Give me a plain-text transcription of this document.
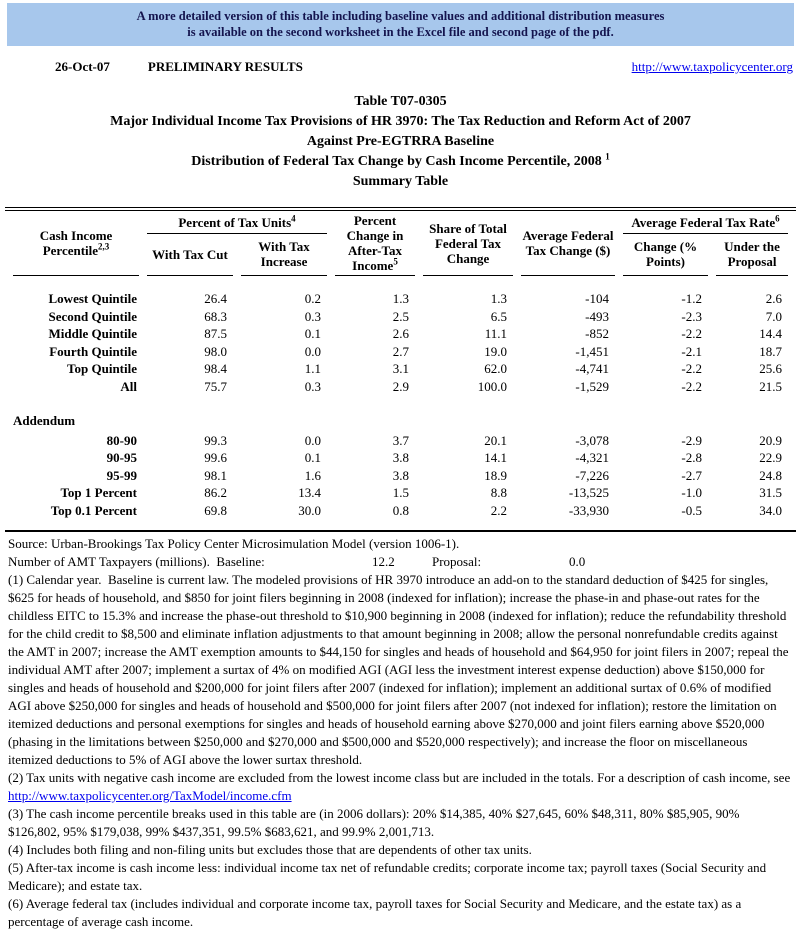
A more detailed version of this table including baseline values and additional distribution measures
is available on the second worksheet in the Excel file and second page of the pdf.
26-Oct-07	PRELIMINARY RESULTS	http://www.taxpolicycenter.org
Table T07-0305
Major Individual Income Tax Provisions of HR 3970: The Tax Reduction and Reform Act of 2007
Against Pre-EGTRRA Baseline
Distribution of Federal Tax Change by Cash Income Percentile, 2008 $^1$
Summary Table
Cash Income Percentile$^{2,3}$	Percent of Tax Units$^4$		Percent Change in After-Tax Income$^5$	Share of Total Federal Tax Change	Average Federal Tax Change ($)	Average Federal Tax Rate$^6$
	With Tax Cut	With Tax Increase				Change (% Points)	Under the Proposal
Lowest Quintile	26.4	0.2	1.3	1.3	-104	-1.2	2.6
Second Quintile	68.3	0.3	2.5	6.5	-493	-2.3	7.0
Middle Quintile	87.5	0.1	2.6	11.1	-852	-2.2	14.4
Fourth Quintile	98.0	0.0	2.7	19.0	-1,451	-2.1	18.7
Top Quintile	98.4	1.1	3.1	62.0	-4,741	-2.2	25.6
All	75.7	0.3	2.9	100.0	-1,529	-2.2	21.5
Addendum							
80-90	99.3	0.0	3.7	20.1	-3,078	-2.9	20.9
90-95	99.6	0.1	3.8	14.1	-4,321	-2.8	22.9
95-99	98.1	1.6	3.8	18.9	-7,226	-2.7	24.8
Top 1 Percent	86.2	13.4	1.5	8.8	-13,525	-1.0	31.5
Top 0.1 Percent	69.8	30.0	0.8	2.2	-33,930	-0.5	34.0
Source: Urban-Brookings Tax Policy Center Microsimulation Model (version 1006-1).
Number of AMT Taxpayers (millions).  Baseline:	12.2	Proposal:	0.0

(1) Calendar year.  Baseline is current law. The modeled provisions of HR 3970 introduce an add-on to the standard deduction of $425 for singles, $625 for heads of household, and $850 for joint filers beginning in 2008 (indexed for inflation); increase the phase-in and phase-out rates for the childless EITC to 15.3% and increase the phase-out threshold to $10,900 beginning in 2008 (indexed for inflation); reduce the refundability threshold for the child credit to $8,500 and eliminate inflation adjustments to that amount beginning in 2008; allow the personal nonrefundable credits against the AMT in 2007; increase the AMT exemption amounts to $44,150 for singles and heads of household and $64,950 for joint filers in 2007; repeal the individual AMT after 2007; implement a surtax of 4% on modified AGI (AGI less the investment interest expense deduction) above $150,000 for singles and heads of household and $200,000 for joint filers after 2007 (indexed for inflation); implement an additional surtax of 0.6% of modified AGI above $250,000 for singles and heads of household and $500,000 for joint filers after 2007 (not indexed for inflation); restore the limitation on itemized deductions and personal exemptions for singles and heads of household earning above $270,000 and joint filers earning above $520,000 (phasing in the limitations between $250,000 and $270,000 and $500,000 and $520,000 respectively); and increase the floor on miscellaneous itemized deductions to 5% of AGI above the lower surtax threshold.

(2) Tax units with negative cash income are excluded from the lowest income class but are included in the totals. For a description of cash income, see

http://www.taxpolicycenter.org/TaxModel/income.cfm

(3) The cash income percentile breaks used in this table are (in 2006 dollars): 20% $14,385, 40% $27,645, 60% $48,311, 80% $85,905, 90% $126,802, 95% $179,038, 99% $437,351, 99.5% $683,621, and 99.9% 2,001,713.

(4) Includes both filing and non-filing units but excludes those that are dependents of other tax units.

(5) After-tax income is cash income less: individual income tax net of refundable credits; corporate income tax; payroll taxes (Social Security and Medicare); and estate tax.

(6) Average federal tax (includes individual and corporate income tax, payroll taxes for Social Security and Medicare, and the estate tax) as a percentage of average cash income.
